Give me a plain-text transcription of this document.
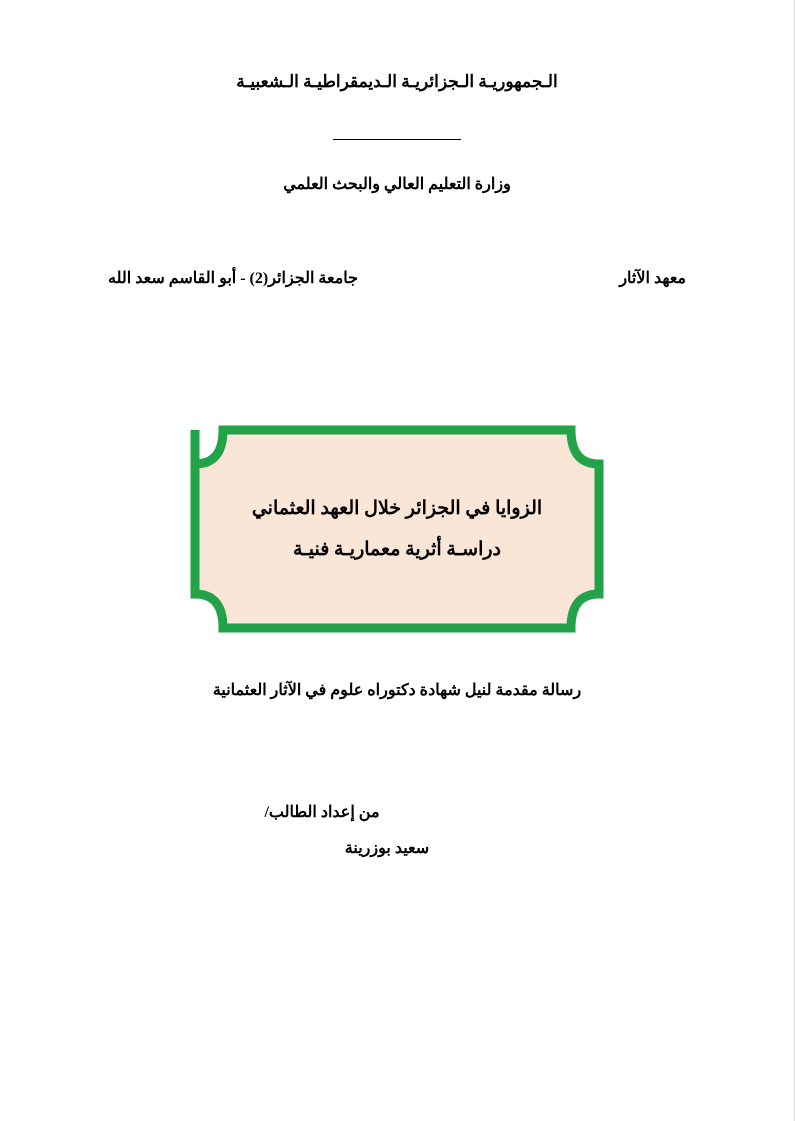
الـجمهوريـة الـجزائريـة الـديمقراطيـة الـشعبيـة
وزارة التعليم العالي والبحث العلمي
معهد الآثار
جامعة الجزائر(2) - أبو القاسم سعد الله
الزوايا في الجزائر خلال العهد العثماني
دراسـة أثرية معماريـة فنيـة
رسالة مقدمة لنيل شهادة دكتوراه علوم في الآثار العثمانية
من إعداد الطالب/
سعيد بوزرينة
